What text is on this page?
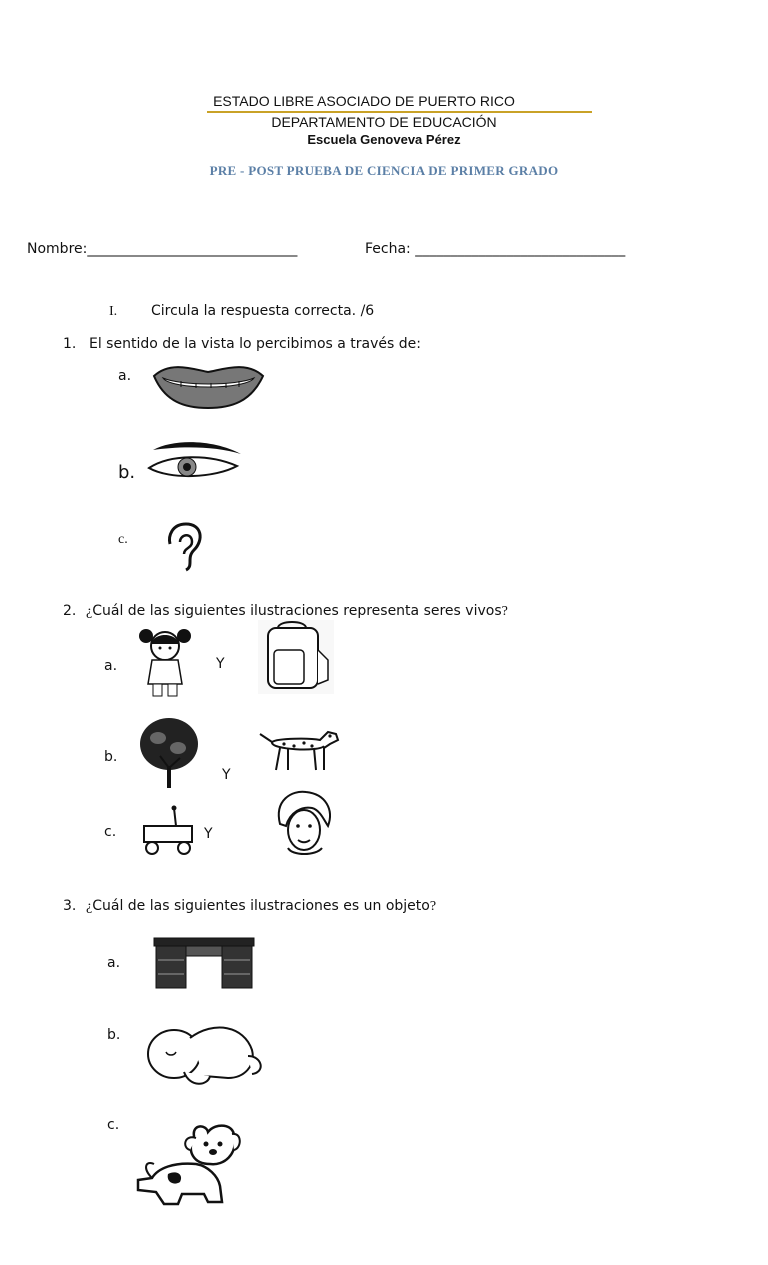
ESTADO LIBRE ASOCIADO DE PUERTO RICO
DEPARTAMENTO DE EDUCACIÓN
Escuela Genoveva Pérez
PRE - POST PRUEBA DE CIENCIA DE PRIMER GRADO
Nombre:______________________________	Fecha: ______________________________
I. Circula la respuesta correcta. /6
1. El sentido de la vista lo percibimos a través de:
a.
b.
c.
2. ¿Cuál de las siguientes ilustraciones representa seres vivos?
a.	Y
b.
Y
c.	Y
3. ¿Cuál de las siguientes ilustraciones es un objeto?
a.
b.
c.
